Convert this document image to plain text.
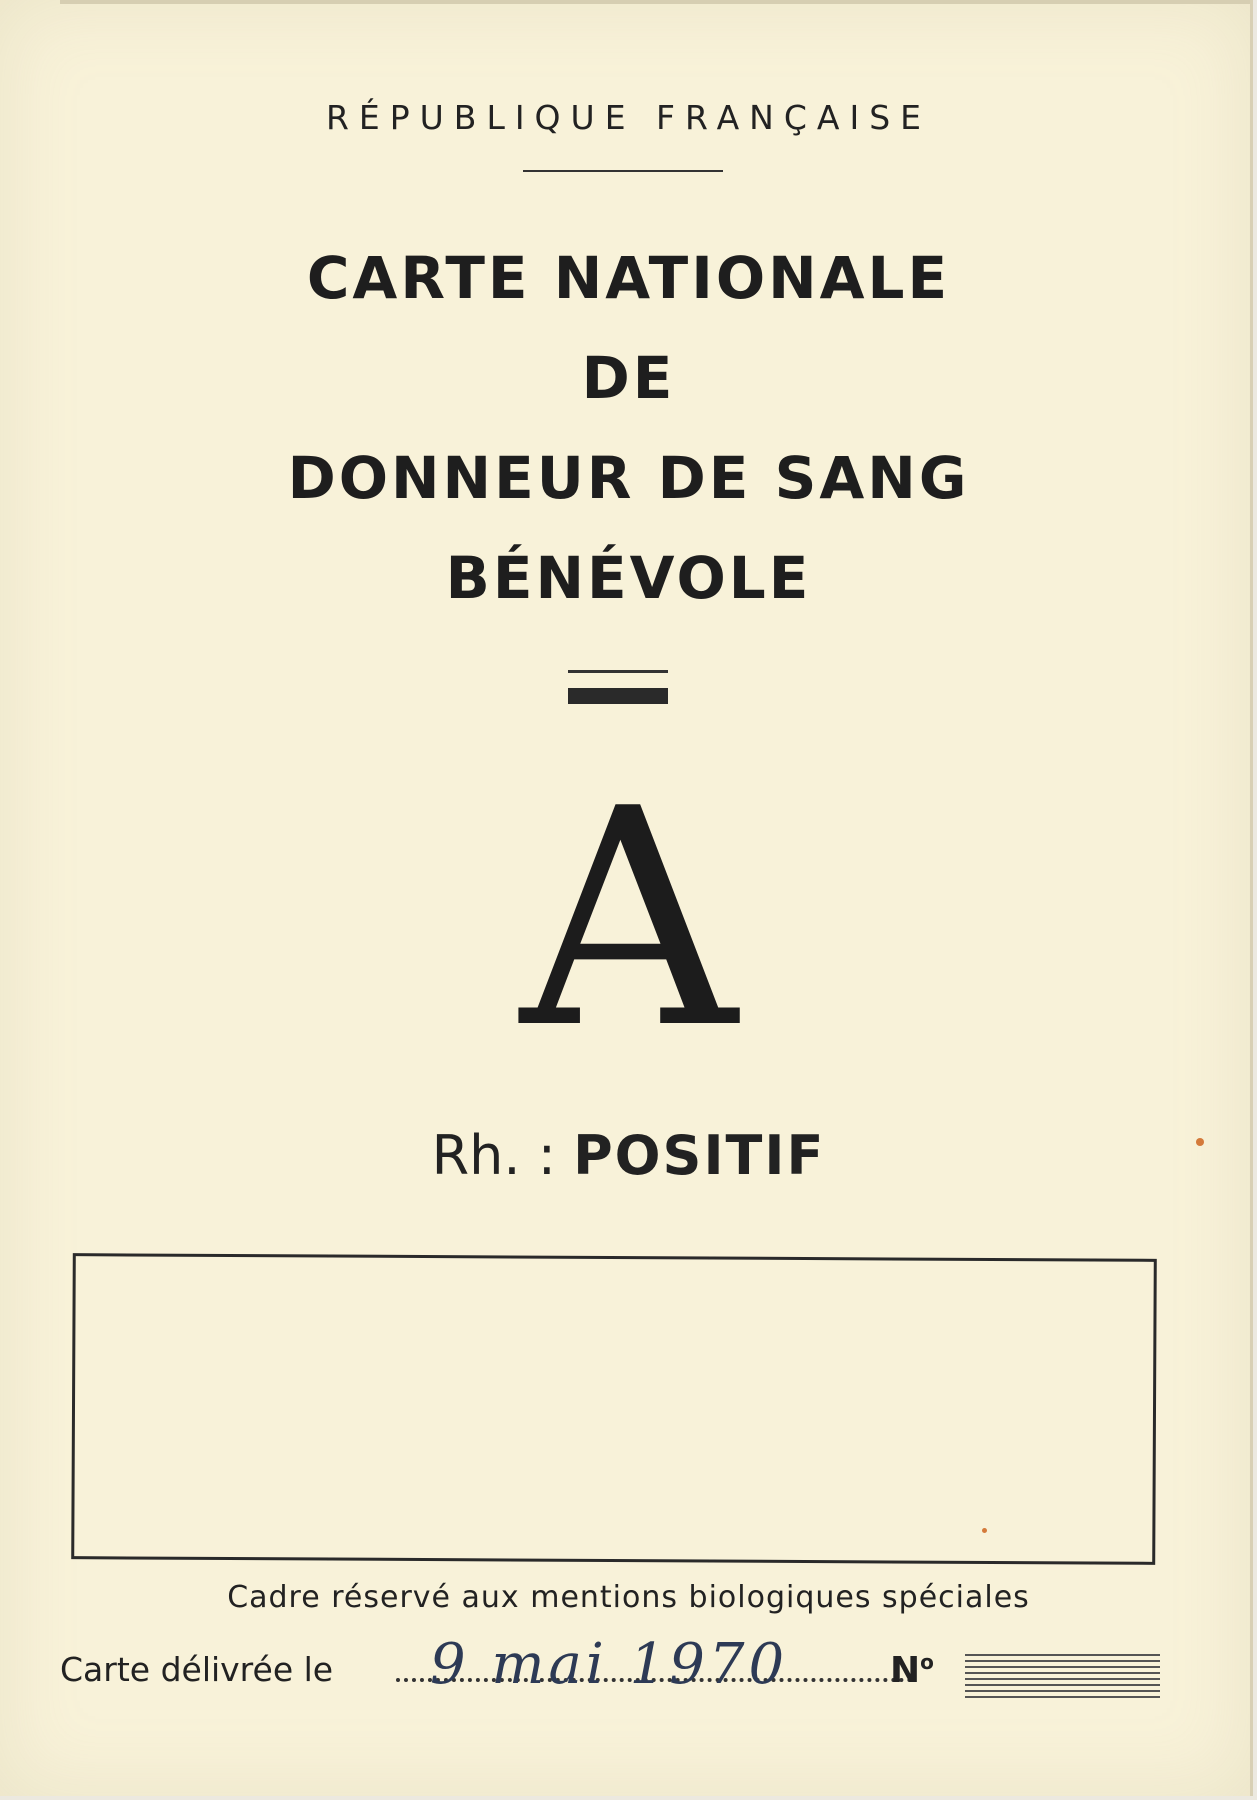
RÉPUBLIQUE FRANÇAISE
CARTE NATIONALE
DE
DONNEUR DE SANG
BÉNÉVOLE
A
Rh. : POSITIF
Cadre réservé aux mentions biologiques spéciales
Carte délivrée le 9 mai 1970	$N^o$
